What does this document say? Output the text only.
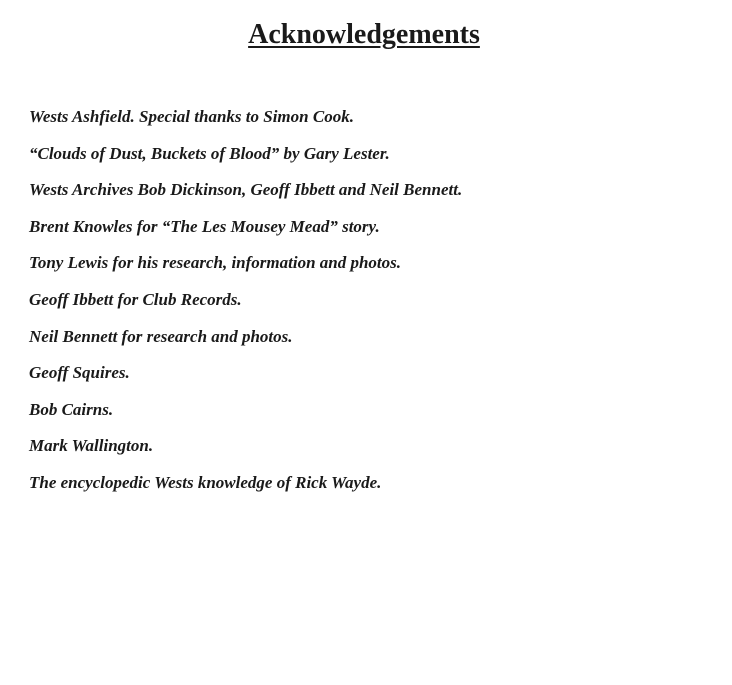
Acknowledgements
Wests Ashfield. Special thanks to Simon Cook.
“Clouds of Dust, Buckets of Blood” by Gary Lester.
Wests Archives Bob Dickinson, Geoff Ibbett and Neil Bennett.
Brent Knowles for “The Les Mousey Mead” story.
Tony Lewis for his research, information and photos.
Geoff Ibbett for Club Records.
Neil Bennett for research and photos.
Geoff Squires.
Bob Cairns.
Mark Wallington.
The encyclopedic Wests knowledge of Rick Wayde.
